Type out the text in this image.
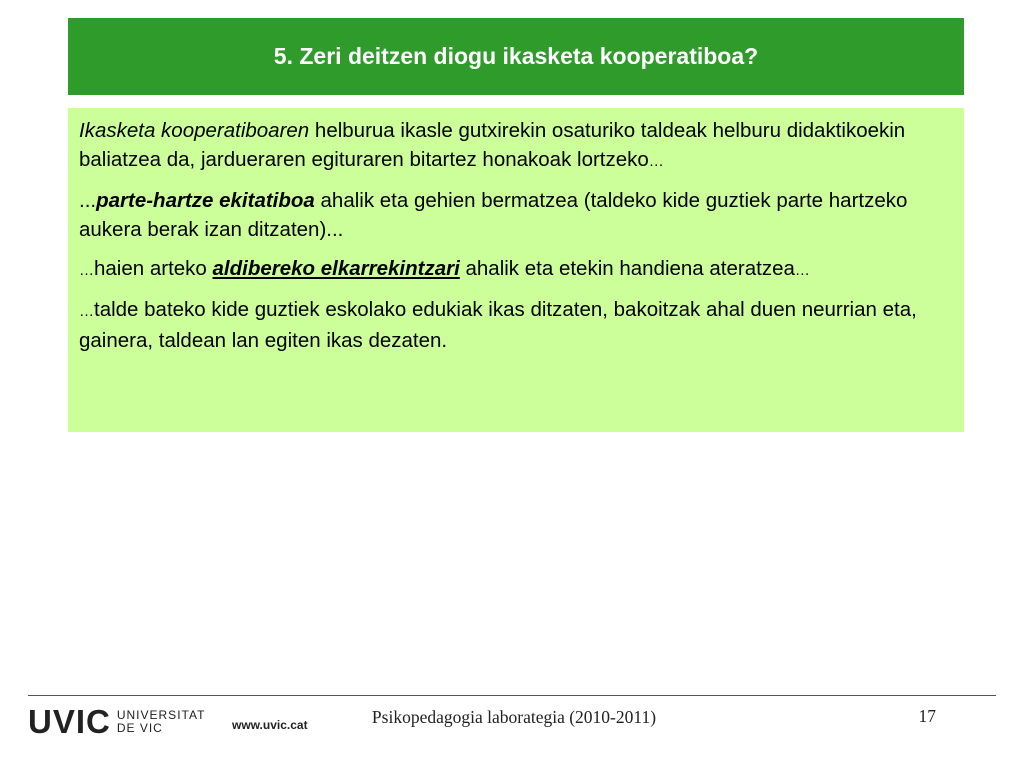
5. Zeri deitzen diogu ikasketa kooperatiboa?

Ikasketa kooperatiboaren helburua ikasle gutxirekin osaturiko taldeak helburu didaktikoekin baliatzea da, jardueraren egituraren bitartez honakoak lortzeko…

...parte-hartze ekitatiboa ahalik eta gehien bermatzea (taldeko kide guztiek parte hartzeko aukera berak izan ditzaten)...

…haien arteko aldibereko elkarrekintzari ahalik eta etekin handiena ateratzea…

…talde bateko kide guztiek eskolako edukiak ikas ditzaten, bakoitzak ahal duen neurrian eta, gainera, taldean lan egiten ikas dezaten.

UVIC UNIVERSITAT
DE VIC	www.uvic.cat	Psikopedagogia laborategia (2010-2011)	17
